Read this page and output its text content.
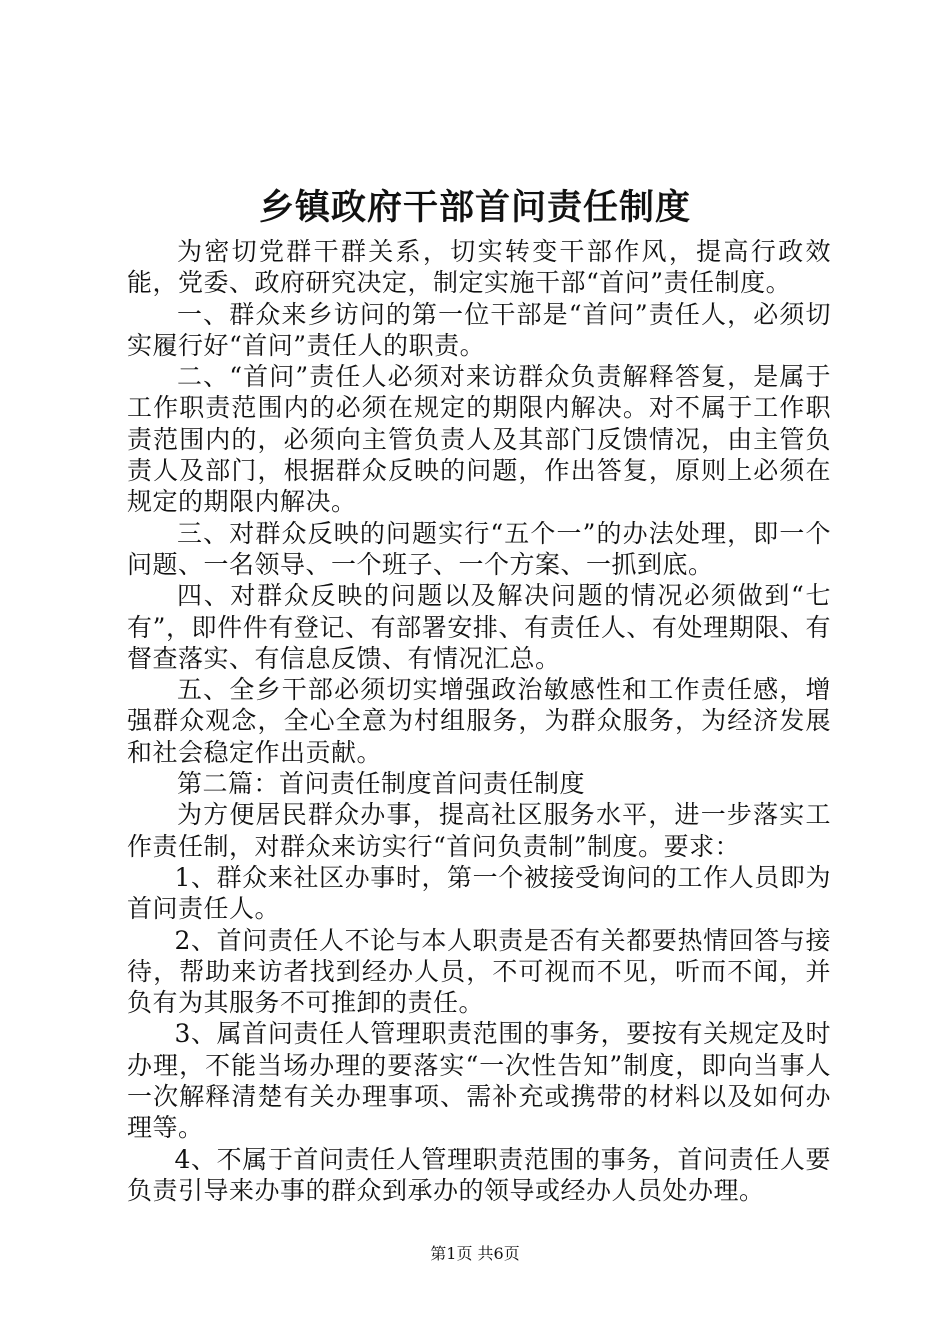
乡镇政府干部首问责任制度

为密切党群干群关系，切实转变干部作风，提高行政效能，党委、政府研究决定，制定实施干部“首问”责任制度。

一、群众来乡访问的第一位干部是“首问”责任人，必须切实履行好“首问”责任人的职责。

二、“首问”责任人必须对来访群众负责解释答复，是属于工作职责范围内的必须在规定的期限内解决。对不属于工作职责范围内的，必须向主管负责人及其部门反馈情况，由主管负责人及部门，根据群众反映的问题，作出答复，原则上必须在规定的期限内解决。

三、对群众反映的问题实行“五个一”的办法处理，即一个问题、一名领导、一个班子、一个方案、一抓到底。

四、对群众反映的问题以及解决问题的情况必须做到“七有”，即件件有登记、有部署安排、有责任人、有处理期限、有督查落实、有信息反馈、有情况汇总。

五、全乡干部必须切实增强政治敏感性和工作责任感，增强群众观念，全心全意为村组服务，为群众服务，为经济发展和社会稳定作出贡献。

第二篇：首问责任制度首问责任制度

为方便居民群众办事，提高社区服务水平，进一步落实工作责任制，对群众来访实行“首问负责制”制度。要求：

1、群众来社区办事时，第一个被接受询问的工作人员即为首问责任人。

2、首问责任人不论与本人职责是否有关都要热情回答与接待，帮助来访者找到经办人员，不可视而不见，听而不闻，并负有为其服务不可推卸的责任。

3、属首问责任人管理职责范围的事务，要按有关规定及时办理，不能当场办理的要落实“一次性告知”制度，即向当事人一次解释清楚有关办理事项、需补充或携带的材料以及如何办理等。

4、不属于首问责任人管理职责范围的事务，首问责任人要负责引导来办事的群众到承办的领导或经办人员处办理。

第1页 共6页
